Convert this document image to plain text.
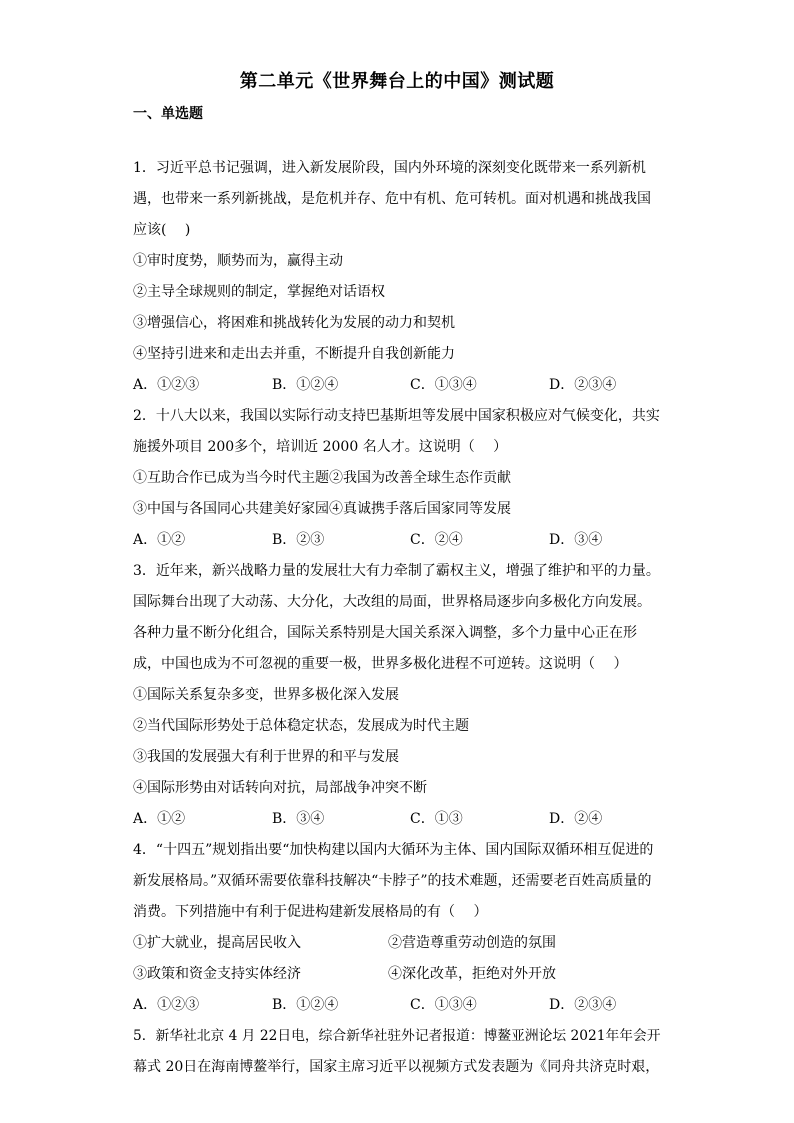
第二单元《世界舞台上的中国》测试题
一、单选题
1．习近平总书记强调，进入新发展阶段，国内外环境的深刻变化既带来一系列新机
遇，也带来一系列新挑战，是危机并存、危中有机、危可转机。面对机遇和挑战我国
应该(　 )
①审时度势，顺势而为，赢得主动
②主导全球规则的制定，掌握绝对话语权
③增强信心，将困难和挑战转化为发展的动力和契机
④坚持引进来和走出去并重，不断提升自我创新能力
A．①②③	B．①②④	C．①③④	D．②③④
2．十八大以来，我国以实际行动支持巴基斯坦等发展中国家积极应对气候变化，共实
施援外项目 200多个，培训近 2000 名人才。这说明（　 ）
①互助合作已成为当今时代主题②我国为改善全球生态作贡献
③中国与各国同心共建美好家园④真诚携手落后国家同等发展
A．①②	B．②③	C．②④	D．③④
3．近年来，新兴战略力量的发展壮大有力牵制了霸权主义，增强了维护和平的力量。
国际舞台出现了大动荡、大分化，大改组的局面，世界格局逐步向多极化方向发展。
各种力量不断分化组合，国际关系特别是大国关系深入调整，多个力量中心正在形
成，中国也成为不可忽视的重要一极，世界多极化进程不可逆转。这说明（　 ）
①国际关系复杂多变，世界多极化深入发展
②当代国际形势处于总体稳定状态，发展成为时代主题
③我国的发展强大有利于世界的和平与发展
④国际形势由对话转向对抗，局部战争冲突不断
A．①②	B．③④	C．①③	D．②④
4．“十四五”规划指出要“加快构建以国内大循环为主体、国内国际双循环相互促进的
新发展格局。”双循环需要依靠科技解决“卡脖子”的技术难题，还需要老百姓高质量的
消费。下列措施中有利于促进构建新发展格局的有（　 ）
①扩大就业，提高居民收入	②营造尊重劳动创造的氛围
③政策和资金支持实体经济	④深化改革，拒绝对外开放
A．①②③	B．①②④	C．①③④	D．②③④
5．新华社北京 4 月 22日电，综合新华社驻外记者报道：博鳌亚洲论坛 2021年年会开
幕式 20日在海南博鳌举行，国家主席习近平以视频方式发表题为《同舟共济克时艰，
